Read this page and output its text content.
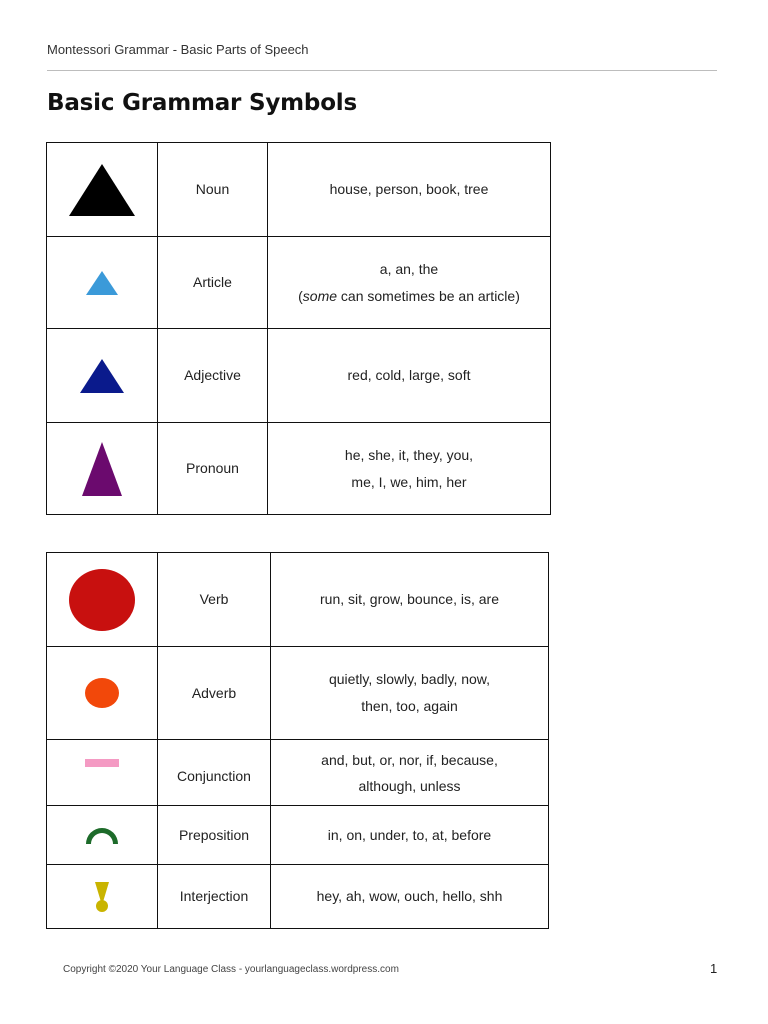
Montessori Grammar - Basic Parts of Speech
Basic Grammar Symbols
	Noun	house, person, book, tree

	Article	a, an, the
(some can sometimes be an article)

	Adjective	red, cold, large, soft

	Pronoun	he, she, it, they, you,
me, I, we, him, her
	Verb	run, sit, grow, bounce, is, are

	Adverb	quietly, slowly, badly, now,
then, too, again

	Conjunction	and, but, or, nor, if, because,
although, unless

	Preposition	in, on, under, to, at, before

	Interjection	hey, ah, wow, ouch, hello, shh
Copyright ©2020 Your Language Class - yourlanguageclass.wordpress.com	1
